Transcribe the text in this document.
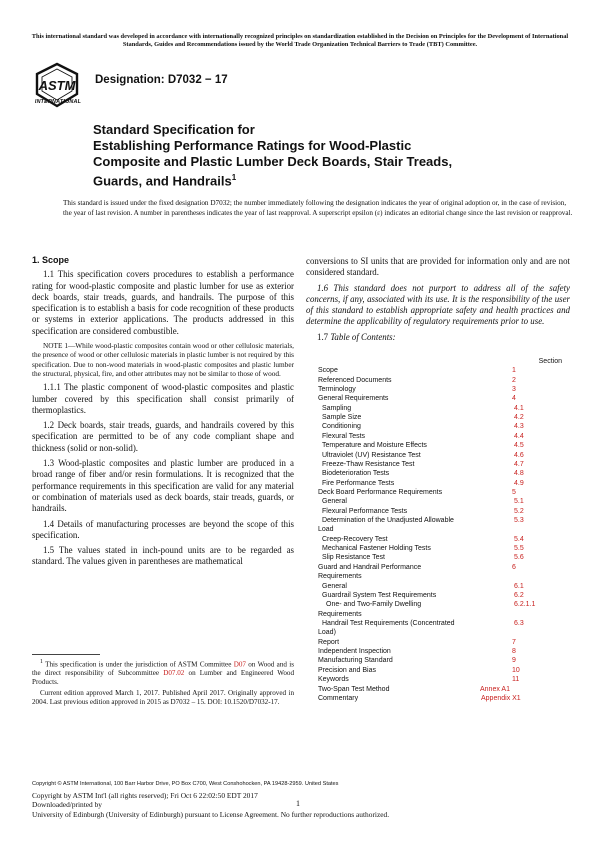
This international standard was developed in accordance with internationally recognized principles on standardization established in the Decision on Principles for the Development of International Standards, Guides and Recommendations issued by the World Trade Organization Technical Barriers to Trade (TBT) Committee.
ASTM
INTERNATIONAL
Designation: D7032 − 17
Standard Specification for
Establishing Performance Ratings for Wood-Plastic
Composite and Plastic Lumber Deck Boards, Stair Treads,
Guards, and Handrails$^1$
This standard is issued under the fixed designation D7032; the number immediately following the designation indicates the year of original adoption or, in the case of revision, the year of last revision. A number in parentheses indicates the year of last reapproval. A superscript epsilon (ε) indicates an editorial change since the last revision or reapproval.
1. Scope

1.1 This specification covers procedures to establish a performance rating for wood-plastic composite and plastic lumber for use as exterior deck boards, stair treads, guards, and handrails. The purpose of this specification is to establish a basis for code recognition of these products or systems in exterior applications. The products addressed in this specification are considered combustible.

NOTE 1—While wood-plastic composites contain wood or other cellulosic materials, the presence of wood or other cellulosic materials in plastic lumber is not required by this specification. Due to non-wood materials in wood-plastic composites and plastic lumber the structural, physical, fire, and other attributes may not be similar to those of wood.

1.1.1 The plastic component of wood-plastic composites and plastic lumber covered by this specification shall consist primarily of thermoplastics.

1.2 Deck boards, stair treads, guards, and handrails covered by this specification are permitted to be of any code compliant shape and thickness (solid or non-solid).

1.3 Wood-plastic composites and plastic lumber are produced in a broad range of fiber and/or resin formulations. It is recognized that the performance requirements in this specification are valid for any material or combination of materials used as deck boards, stair treads, guards, or handrails.

1.4 Details of manufacturing processes are beyond the scope of this specification.

1.5 The values stated in inch-pound units are to be regarded as standard. The values given in parentheses are mathematical

conversions to SI units that are provided for information only and are not considered standard.

1.6 This standard does not purport to address all of the safety concerns, if any, associated with its use. It is the responsibility of the user of this standard to establish appropriate safety and health practices and determine the applicability of regulatory requirements prior to use.

1.7 Table of Contents:

Section
Scope	1
Referenced Documents	2
Terminology	3
General Requirements	4
Sampling	4.1
Sample Size	4.2
Conditioning	4.3
Flexural Tests	4.4
Temperature and Moisture Effects	4.5
Ultraviolet (UV) Resistance Test	4.6
Freeze-Thaw Resistance Test	4.7
Biodeterioration Tests	4.8
Fire Performance Tests	4.9
Deck Board Performance Requirements	5
General	5.1
Flexural Performance Tests	5.2
Determination of the Unadjusted Allowable	5.3
Load
Creep-Recovery Test	5.4
Mechanical Fastener Holding Tests	5.5
Slip Resistance Test	5.6
Guard and Handrail Performance	6
Requirements
General	6.1
Guardrail System Test Requirements	6.2
One- and Two-Family Dwelling	6.2.1.1
Requirements
Handrail Test Requirements (Concentrated	6.3
Load)
Report	7
Independent Inspection	8
Manufacturing Standard	9
Precision and Bias	10
Keywords	11
Two-Span Test Method	Annex A1
Commentary	Appendix X1

$^1$ This specification is under the jurisdiction of ASTM Committee D07 on Wood and is the direct responsibility of Subcommittee D07.02 on Lumber and Engineered Wood Products.

Current edition approved March 1, 2017. Published April 2017. Originally approved in 2004. Last previous edition approved in 2015 as D7032 – 15. DOI: 10.1520/D7032-17.

Copyright © ASTM International, 100 Barr Harbor Drive, PO Box C700, West Conshohocken, PA 19428-2959. United States
1
Copyright by ASTM Int'l (all rights reserved); Fri Oct 6 22:02:50 EDT 2017
Downloaded/printed by
University of Edinburgh (University of Edinburgh) pursuant to License Agreement. No further reproductions authorized.
